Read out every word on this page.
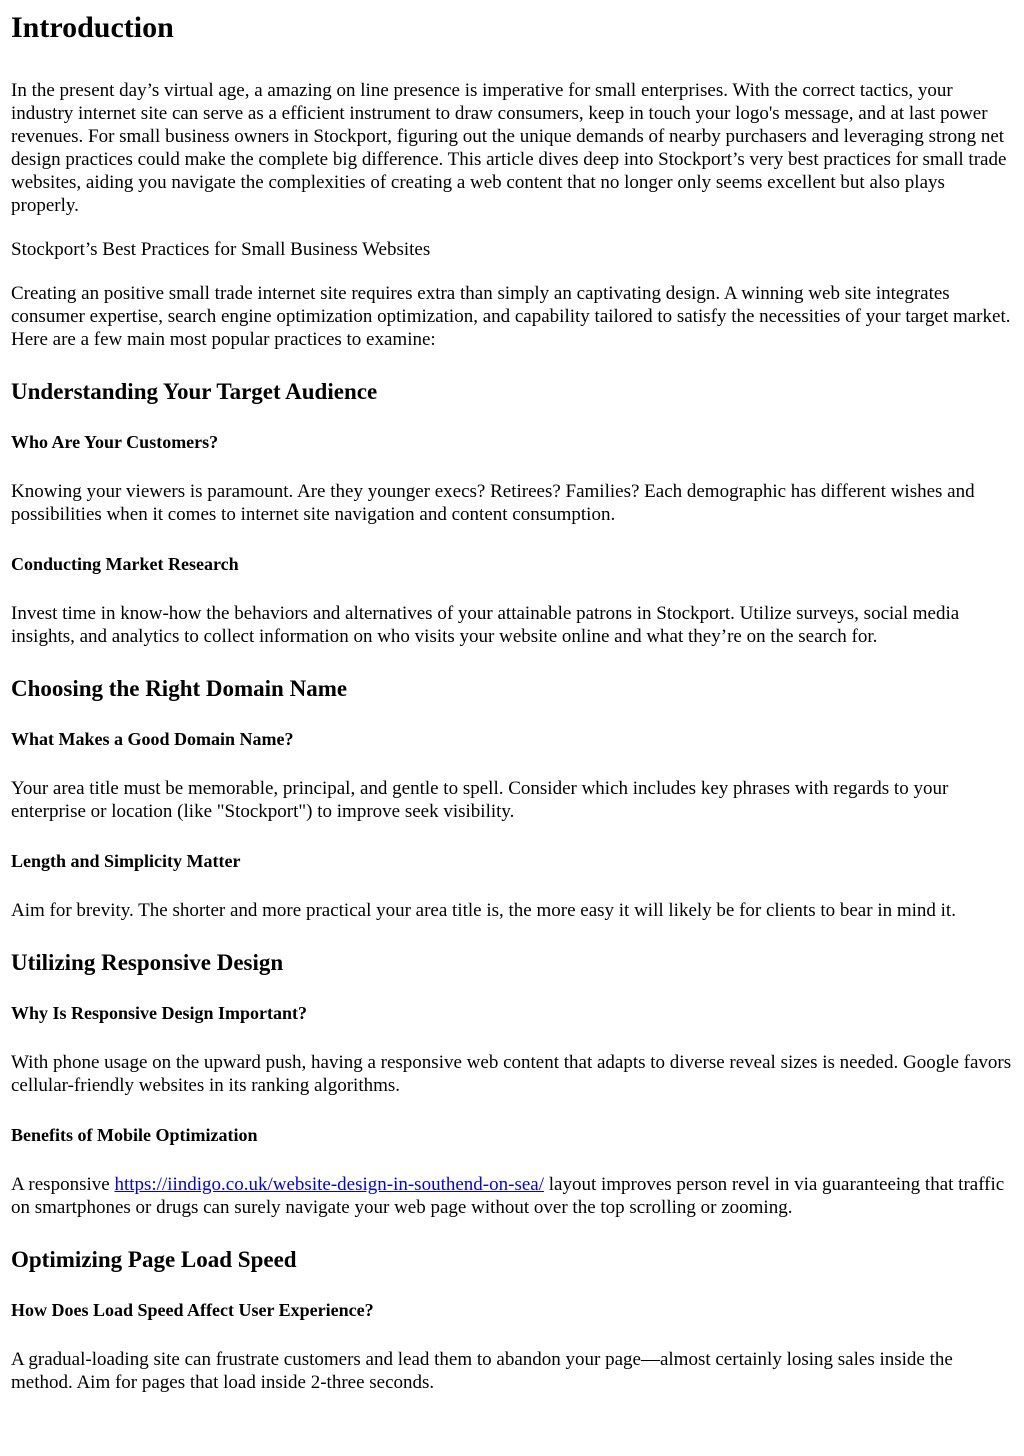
Introduction

In the present day’s virtual age, a amazing on line presence is imperative for small enterprises. With the correct tactics, your industry internet site can serve as a efficient instrument to draw consumers, keep in touch your logo's message, and at last power revenues. For small business owners in Stockport, figuring out the unique demands of nearby purchasers and leveraging strong net design practices could make the complete big difference. This article dives deep into Stockport’s very best practices for small trade websites, aiding you navigate the complexities of creating a web content that no longer only seems excellent but also plays properly.

Stockport’s Best Practices for Small Business Websites

Creating an positive small trade internet site requires extra than simply an captivating design. A winning web site integrates consumer expertise, search engine optimization optimization, and capability tailored to satisfy the necessities of your target market. Here are a few main most popular practices to examine:

Understanding Your Target Audience
Who Are Your Customers?

Knowing your viewers is paramount. Are they younger execs? Retirees? Families? Each demographic has different wishes and possibilities when it comes to internet site navigation and content consumption.

Conducting Market Research

Invest time in know-how the behaviors and alternatives of your attainable patrons in Stockport. Utilize surveys, social media insights, and analytics to collect information on who visits your website online and what they’re on the search for.

Choosing the Right Domain Name
What Makes a Good Domain Name?

Your area title must be memorable, principal, and gentle to spell. Consider which includes key phrases with regards to your enterprise or location (like "Stockport") to improve seek visibility.

Length and Simplicity Matter

Aim for brevity. The shorter and more practical your area title is, the more easy it will likely be for clients to bear in mind it.

Utilizing Responsive Design
Why Is Responsive Design Important?

With phone usage on the upward push, having a responsive web content that adapts to diverse reveal sizes is needed. Google favors cellular-friendly websites in its ranking algorithms.

Benefits of Mobile Optimization

A responsive https://iindigo.co.uk/website-design-in-southend-on-sea/ layout improves person revel in via guaranteeing that traffic on smartphones or drugs can surely navigate your web page without over the top scrolling or zooming.

Optimizing Page Load Speed
How Does Load Speed Affect User Experience?

A gradual-loading site can frustrate customers and lead them to abandon your page—almost certainly losing sales inside the method. Aim for pages that load inside 2-three seconds.
